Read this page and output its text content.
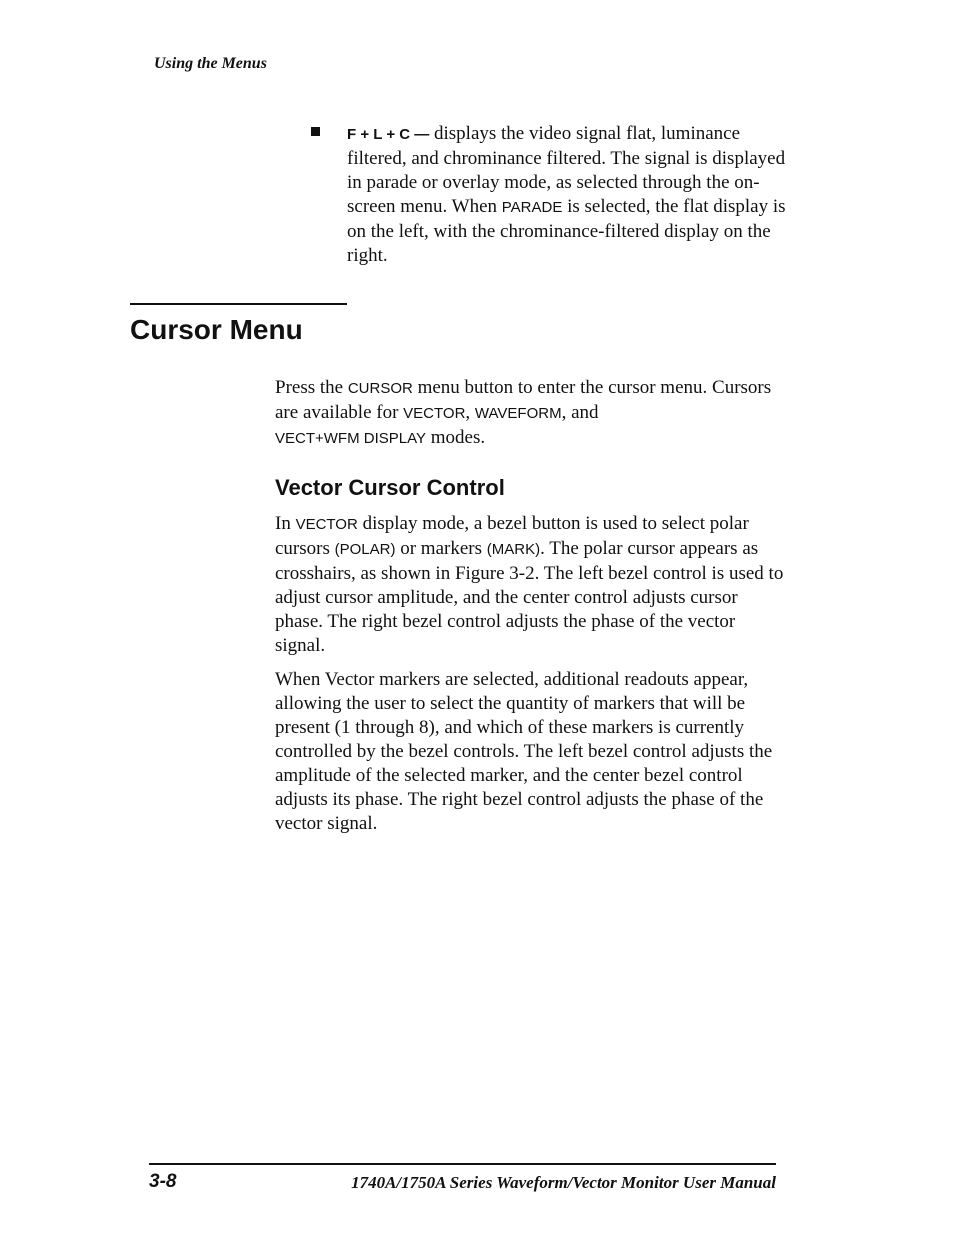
Using the Menus
F + L + C — displays the video signal flat, luminance filtered, and chrominance filtered. The signal is displayed in parade or overlay mode, as selected through the on-screen menu. When PARADE is selected, the flat display is on the left, with the chrominance-filtered display on the right.
Cursor Menu
Press the CURSOR menu button to enter the cursor menu. Cursors are available for VECTOR, WAVEFORM, and
VECT+WFM DISPLAY modes.
Vector Cursor Control
In VECTOR display mode, a bezel button is used to select polar cursors (POLAR) or markers (MARK). The polar cursor appears as crosshairs, as shown in Figure 3-2. The left bezel control is used to adjust cursor amplitude, and the center control adjusts cursor phase. The right bezel control adjusts the phase of the vector signal.
When Vector markers are selected, additional readouts appear, allowing the user to select the quantity of markers that will be present (1 through 8), and which of these markers is currently controlled by the bezel controls. The left bezel control adjusts the amplitude of the selected marker, and the center bezel control adjusts its phase. The right bezel control adjusts the phase of the vector signal.
3-8	1740A/1750A Series Waveform/Vector Monitor User Manual
